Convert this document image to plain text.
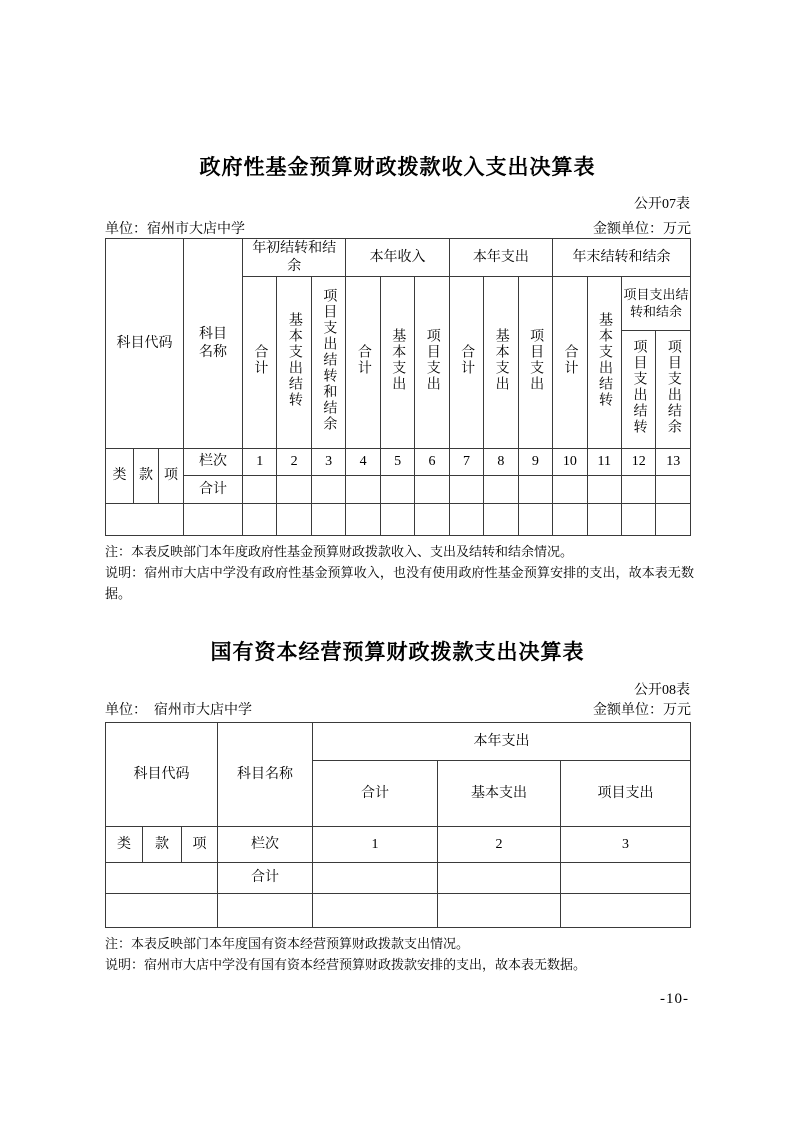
政府性基金预算财政拨款收入支出决算表
公开07表
单位：宿州市大店中学	金额单位：万元
科目代码			科目名称	年初结转和结余			本年收入			本年支出			年末结转和结余			
				合计	基本支出结转	项目支出结转和结余	合计	基本支出	项目支出	合计	基本支出	项目支出	合计	基本支出结转	项目支出结转和结余	
															项目支出结转	项目支出结余
类	款	项	栏次	1	2	3	4	5	6	7	8	9	10	11	12	13
			合计													

注：本表反映部门本年度政府性基金预算财政拨款收入、支出及结转和结余情况。
说明：宿州市大店中学没有政府性基金预算收入，也没有使用政府性基金预算安排的支出，故本表无数据。
国有资本经营预算财政拨款支出决算表
公开08表
单位：　宿州市大店中学	金额单位：万元
科目代码			科目名称	本年支出		
				合计	基本支出	项目支出
类	款	项	栏次	1	2	3
			合计			

注：本表反映部门本年度国有资本经营预算财政拨款支出情况。
说明：宿州市大店中学没有国有资本经营预算财政拨款安排的支出，故本表无数据。
-10-
